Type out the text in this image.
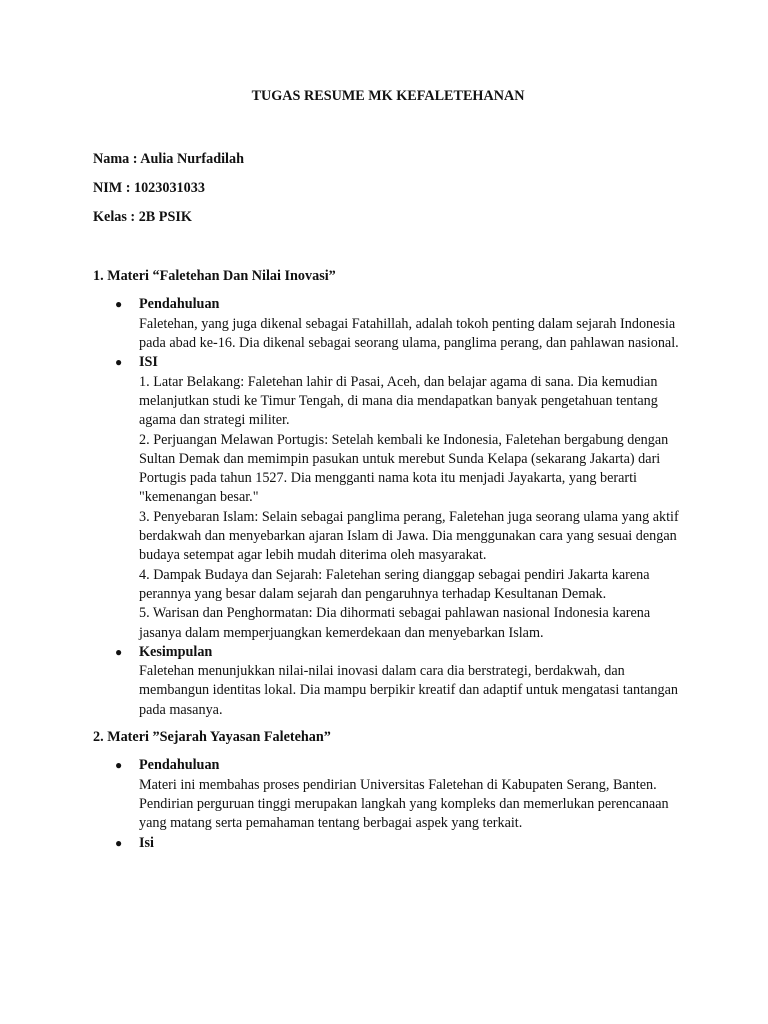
TUGAS RESUME MK KEFALETEHANAN
Nama : Aulia Nurfadilah
NIM : 1023031033
Kelas : 2B PSIK
1. Materi “Faletehan Dan Nilai Inovasi”
● Pendahuluan
Faletehan, yang juga dikenal sebagai Fatahillah, adalah tokoh penting dalam sejarah Indonesia pada abad ke-16. Dia dikenal sebagai seorang ulama, panglima perang, dan pahlawan nasional.
● ISI
1. Latar Belakang: Faletehan lahir di Pasai, Aceh, dan belajar agama di sana. Dia kemudian melanjutkan studi ke Timur Tengah, di mana dia mendapatkan banyak pengetahuan tentang agama dan strategi militer.
2. Perjuangan Melawan Portugis: Setelah kembali ke Indonesia, Faletehan bergabung dengan Sultan Demak dan memimpin pasukan untuk merebut Sunda Kelapa (sekarang Jakarta) dari Portugis pada tahun 1527. Dia mengganti nama kota itu menjadi Jayakarta, yang berarti "kemenangan besar."
3. Penyebaran Islam: Selain sebagai panglima perang, Faletehan juga seorang ulama yang aktif berdakwah dan menyebarkan ajaran Islam di Jawa. Dia menggunakan cara yang sesuai dengan budaya setempat agar lebih mudah diterima oleh masyarakat.
4. Dampak Budaya dan Sejarah: Faletehan sering dianggap sebagai pendiri Jakarta karena perannya yang besar dalam sejarah dan pengaruhnya terhadap Kesultanan Demak.
5. Warisan dan Penghormatan: Dia dihormati sebagai pahlawan nasional Indonesia karena jasanya dalam memperjuangkan kemerdekaan dan menyebarkan Islam.
● Kesimpulan
Faletehan menunjukkan nilai-nilai inovasi dalam cara dia berstrategi, berdakwah, dan membangun identitas lokal. Dia mampu berpikir kreatif dan adaptif untuk mengatasi tantangan pada masanya.
2. Materi ”Sejarah Yayasan Faletehan”
● Pendahuluan
Materi ini membahas proses pendirian Universitas Faletehan di Kabupaten Serang, Banten. Pendirian perguruan tinggi merupakan langkah yang kompleks dan memerlukan perencanaan yang matang serta pemahaman tentang berbagai aspek yang terkait.
● Isi
